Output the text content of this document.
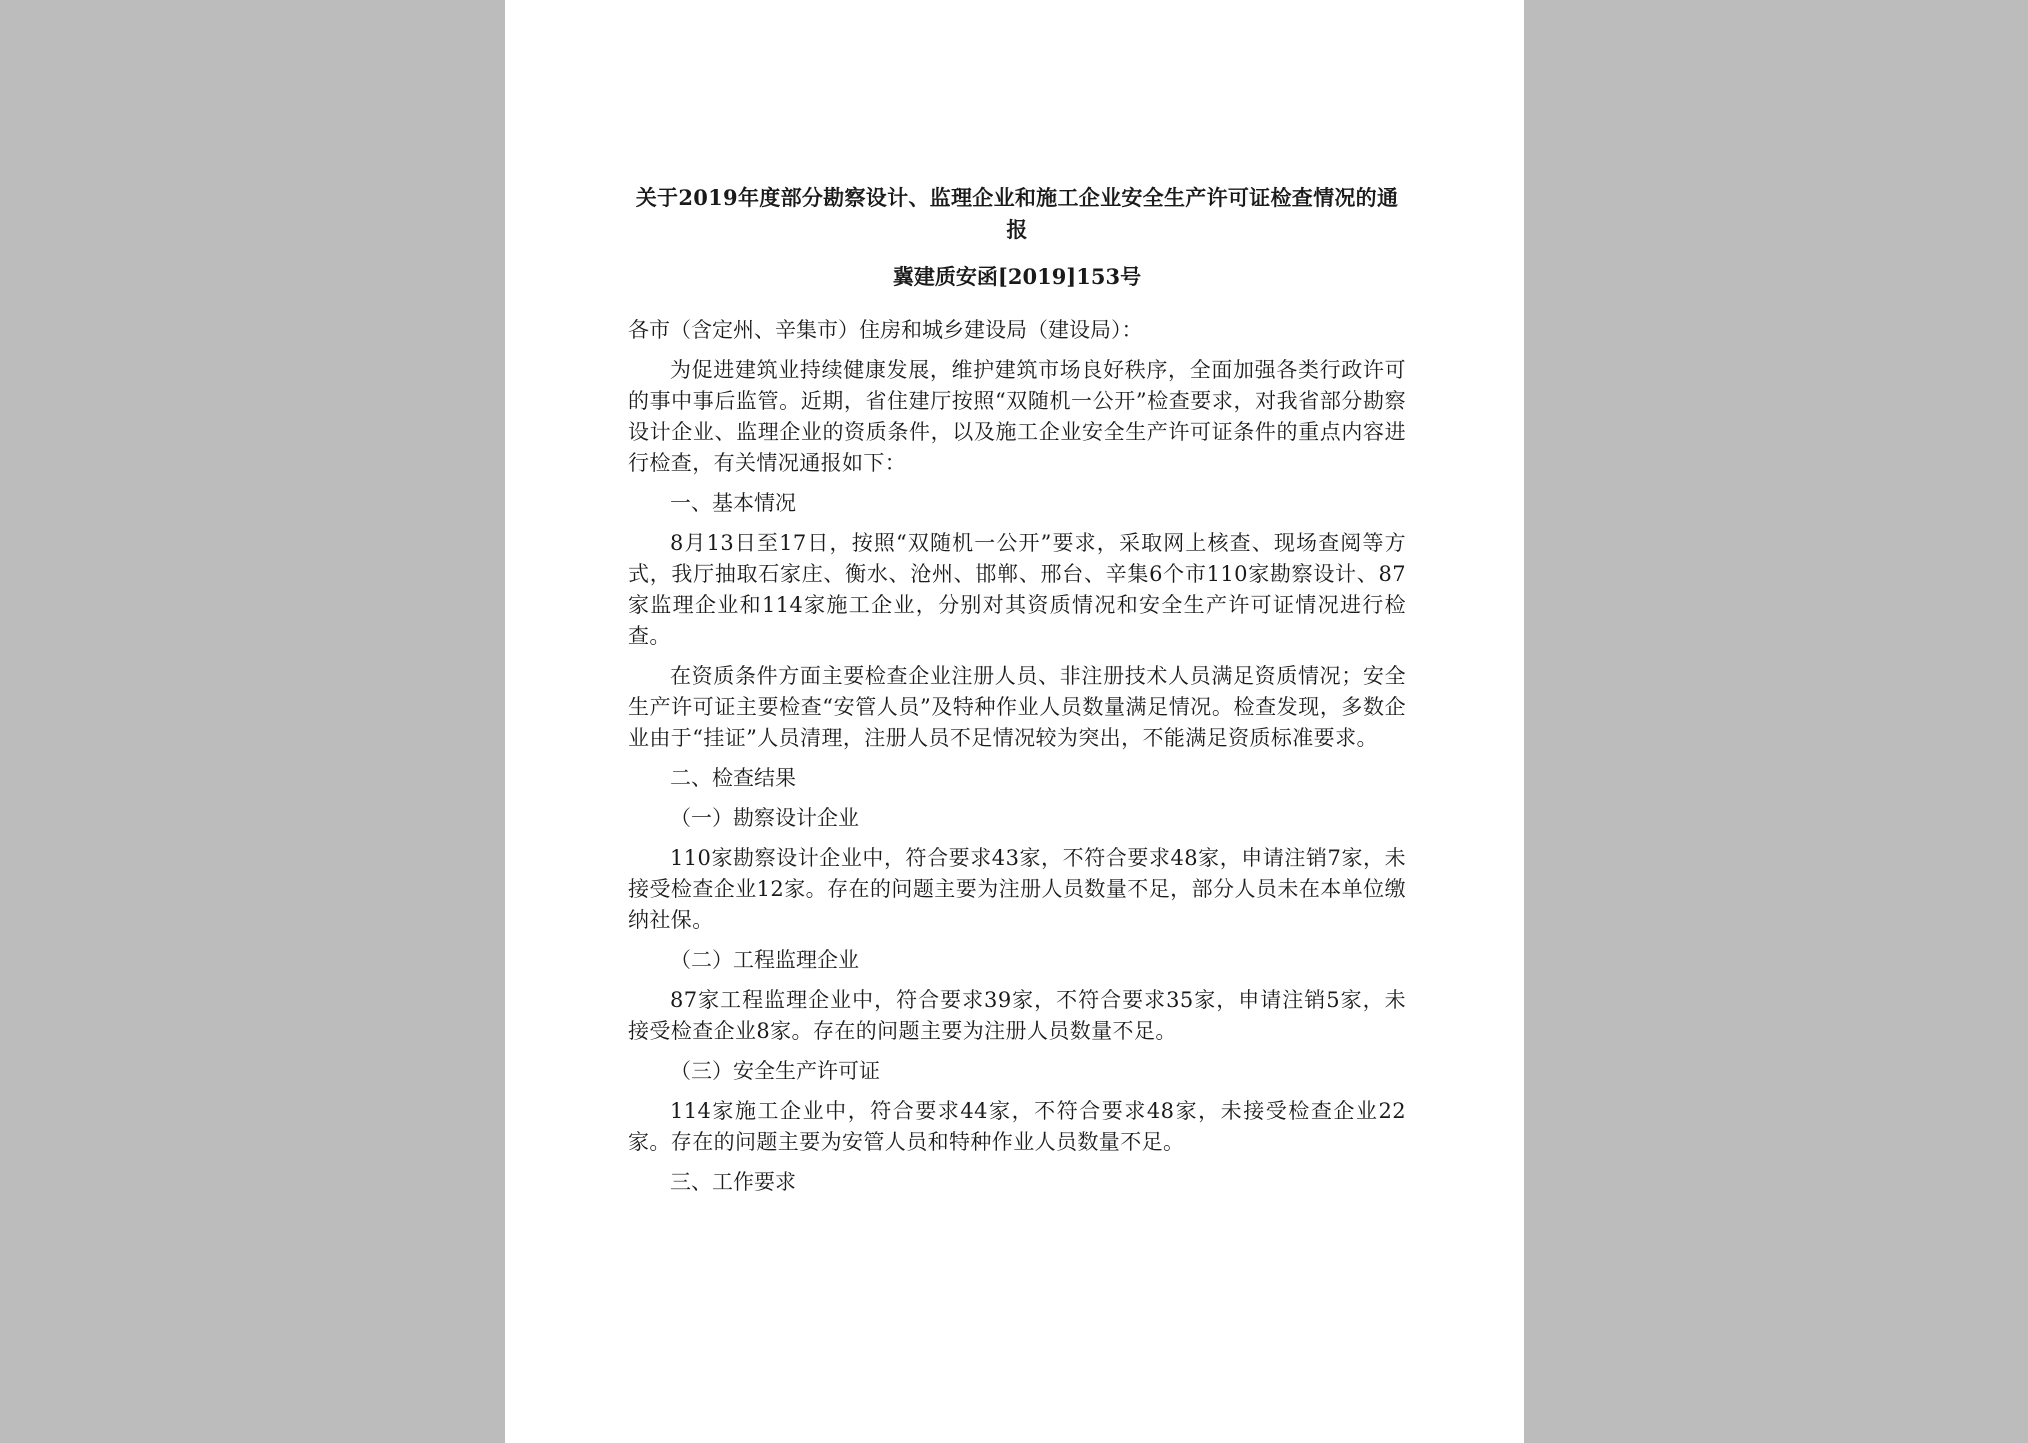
关于2019年度部分勘察设计、监理企业和施工企业安全生产许可证检查情况的通报
冀建质安函[2019]153号
各市（含定州、辛集市）住房和城乡建设局（建设局）：
为促进建筑业持续健康发展，维护建筑市场良好秩序，全面加强各类行政许可的事中事后监管。近期，省住建厅按照“双随机一公开”检查要求，对我省部分勘察设计企业、监理企业的资质条件，以及施工企业安全生产许可证条件的重点内容进行检查，有关情况通报如下：
一、基本情况
8月13日至17日，按照“双随机一公开”要求，采取网上核查、现场查阅等方式，我厅抽取石家庄、衡水、沧州、邯郸、邢台、辛集6个市110家勘察设计、87家监理企业和114家施工企业，分别对其资质情况和安全生产许可证情况进行检查。
在资质条件方面主要检查企业注册人员、非注册技术人员满足资质情况；安全生产许可证主要检查“安管人员”及特种作业人员数量满足情况。检查发现，多数企业由于“挂证”人员清理，注册人员不足情况较为突出，不能满足资质标准要求。
二、检查结果
（一）勘察设计企业
110家勘察设计企业中，符合要求43家，不符合要求48家，申请注销7家，未接受检查企业12家。存在的问题主要为注册人员数量不足，部分人员未在本单位缴纳社保。
（二）工程监理企业
87家工程监理企业中，符合要求39家，不符合要求35家，申请注销5家，未接受检查企业8家。存在的问题主要为注册人员数量不足。
（三）安全生产许可证
114家施工企业中，符合要求44家，不符合要求48家，未接受检查企业22家。存在的问题主要为安管人员和特种作业人员数量不足。
三、工作要求
